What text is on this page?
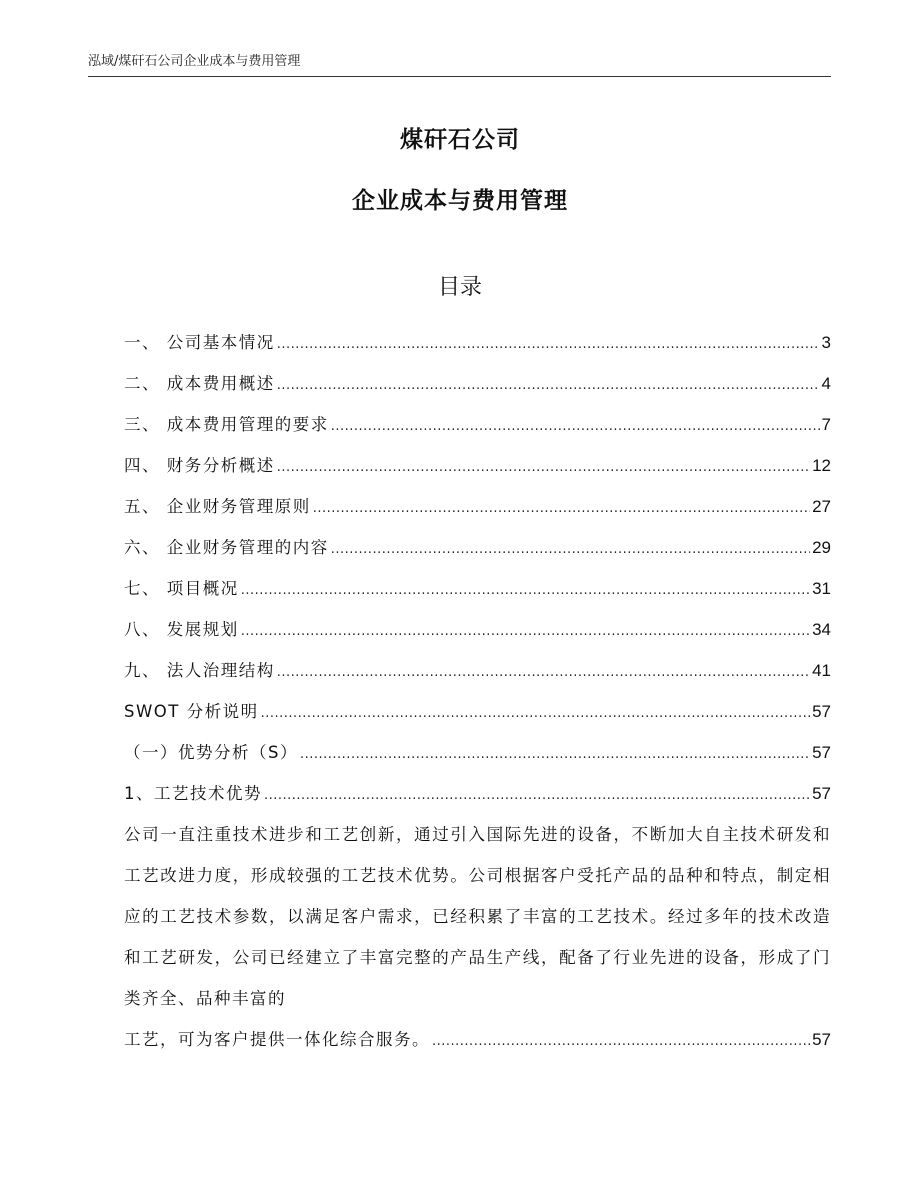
泓域/煤矸石公司企业成本与费用管理
煤矸石公司
企业成本与费用管理
目录
一、 公司基本情况 .....	3
二、 成本费用概述 .....	4
三、 成本费用管理的要求 .....	7
四、 财务分析概述 .....	12
五、 企业财务管理原则 .....	27
六、 企业财务管理的内容 .....	29
七、 项目概况 .....	31
八、 发展规划 .....	34
九、 法人治理结构 .....	41
SWOT 分析说明 .....	57
（一）优势分析（S） .....	57
1、工艺技术优势 .....	57

公司一直注重技术进步和工艺创新，通过引入国际先进的设备，不断加大自主技术研发和工艺改进力度，形成较强的工艺技术优势。公司根据客户受托产品的品种和特点，制定相应的工艺技术参数，以满足客户需求，已经积累了丰富的工艺技术。经过多年的技术改造和工艺研发，公司已经建立了丰富完整的产品生产线，配备了行业先进的设备，形成了门类齐全、品种丰富的

工艺，可为客户提供一体化综合服务。 .....	57
